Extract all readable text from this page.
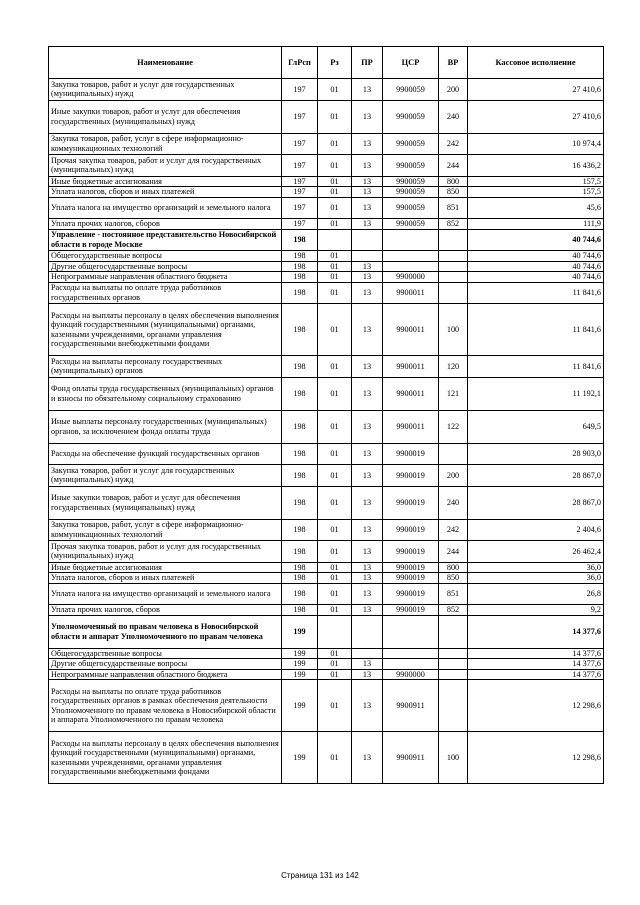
Наименование	ГлРсп	Рз	ПР	ЦСР	ВР	Кассовое исполнение
Закупка товаров, работ и услуг для государственных (муниципальных) нужд	197	01	13	9900059	200	27 410,6
Иные закупки товаров, работ и услуг для обеспечения государственных (муниципальных) нужд	197	01	13	9900059	240	27 410,6
Закупка товаров, работ, услуг в сфере информационно-коммуникационных технологий	197	01	13	9900059	242	10 974,4
Прочая закупка товаров, работ и услуг для государственных (муниципальных) нужд	197	01	13	9900059	244	16 436,2
Иные бюджетные ассигнования	197	01	13	9900059	800	157,5
Уплата налогов, сборов и иных платежей	197	01	13	9900059	850	157,5
Уплата налога на имущество организаций и земельного налога	197	01	13	9900059	851	45,6
Уплата прочих налогов, сборов	197	01	13	9900059	852	111,9
Управление - постоянное представительство Новосибирской области в городе Москве	198					40 744,6
Общегосударственные вопросы	198	01				40 744,6
Другие общегосударственные вопросы	198	01	13			40 744,6
Непрограммные направления областного бюджета	198	01	13	9900000		40 744,6
Расходы на выплаты по оплате труда работников государственных органов	198	01	13	9900011		11 841,6
Расходы на выплаты персоналу в целях обеспечения выполнения функций государственными (муниципальными) органами, казенными учреждениями, органами управления государственными внебюджетными фондами	198	01	13	9900011	100	11 841,6
Расходы на выплаты персоналу государственных (муниципальных) органов	198	01	13	9900011	120	11 841,6
Фонд оплаты труда государственных (муниципальных) органов и взносы по обязательному социальному страхованию	198	01	13	9900011	121	11 192,1
Иные выплаты персоналу государственных (муниципальных) органов, за исключением фонда оплаты труда	198	01	13	9900011	122	649,5
Расходы на обеспечение функций государственных органов	198	01	13	9900019		28 903,0
Закупка товаров, работ и услуг для государственных (муниципальных) нужд	198	01	13	9900019	200	28 867,0
Иные закупки товаров, работ и услуг для обеспечения государственных (муниципальных) нужд	198	01	13	9900019	240	28 867,0
Закупка товаров, работ, услуг в сфере информационно-коммуникационных технологий	198	01	13	9900019	242	2 404,6
Прочая закупка товаров, работ и услуг для государственных (муниципальных) нужд	198	01	13	9900019	244	26 462,4
Иные бюджетные ассигнования	198	01	13	9900019	800	36,0
Уплата налогов, сборов и иных платежей	198	01	13	9900019	850	36,0
Уплата налога на имущество организаций и земельного налога	198	01	13	9900019	851	26,8
Уплата прочих налогов, сборов	198	01	13	9900019	852	9,2
Уполномоченный по правам человека в Новосибирской области и аппарат Уполномоченного по правам человека	199					14 377,6
Общегосударственные вопросы	199	01				14 377,6
Другие общегосударственные вопросы	199	01	13			14 377,6
Непрограммные направления областного бюджета	199	01	13	9900000		14 377,6
Расходы на выплаты по оплате труда работников государственных органов в рамках обеспечения деятельности Уполномоченного по правам человека в Новосибирской области и аппарата Уполномоченного по правам человека	199	01	13	9900911		12 298,6
Расходы на выплаты персоналу в целях обеспечения выполнения функций государственными (муниципальными) органами, казенными учреждениями, органами управления государственными внебюджетными фондами	199	01	13	9900911	100	12 298,6
Страница 131 из 142
